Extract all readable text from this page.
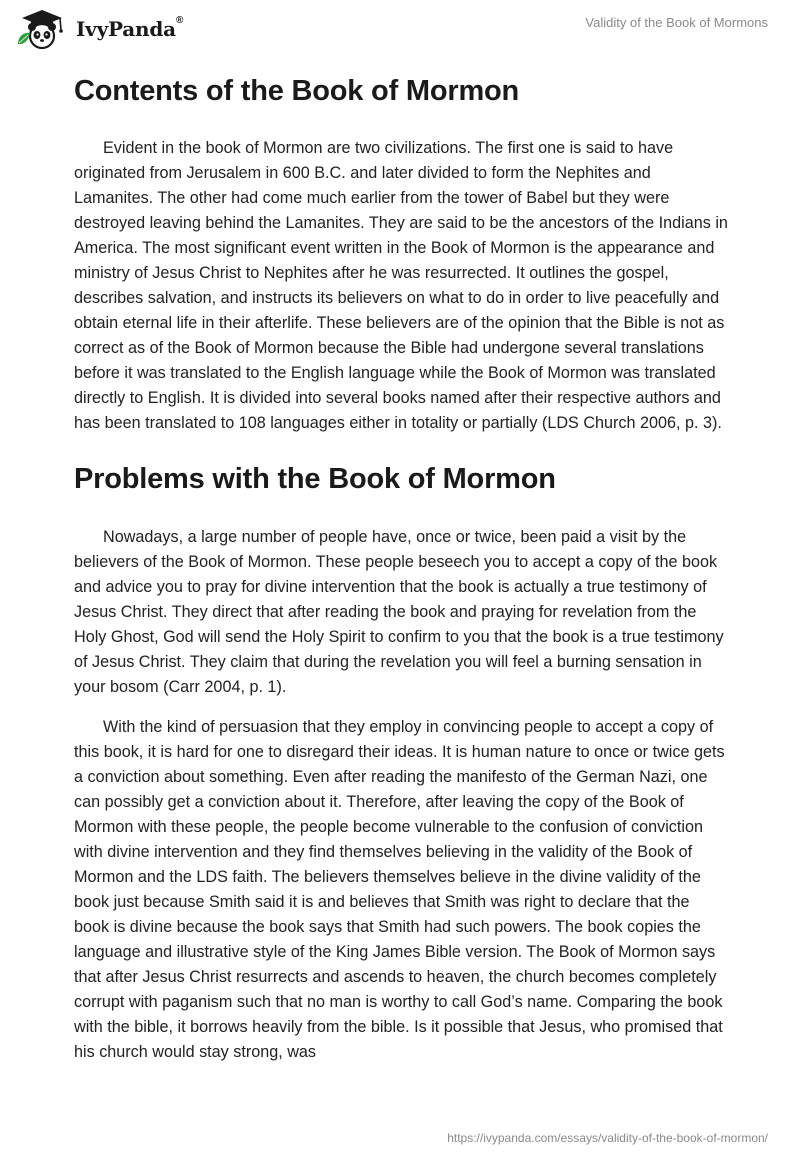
IvyPanda®	Validity of the Book of Mormons
Contents of the Book of Mormon

Evident in the book of Mormon are two civilizations. The first one is said to have originated from Jerusalem in 600 B.C. and later divided to form the Nephites and Lamanites. The other had come much earlier from the tower of Babel but they were destroyed leaving behind the Lamanites. They are said to be the ancestors of the Indians in America. The most significant event written in the Book of Mormon is the appearance and ministry of Jesus Christ to Nephites after he was resurrected. It outlines the gospel, describes salvation, and instructs its believers on what to do in order to live peacefully and obtain eternal life in their afterlife. These believers are of the opinion that the Bible is not as correct as of the Book of Mormon because the Bible had undergone several translations before it was translated to the English language while the Book of Mormon was translated directly to English. It is divided into several books named after their respective authors and has been translated to 108 languages either in totality or partially (LDS Church 2006, p. 3).

Problems with the Book of Mormon

Nowadays, a large number of people have, once or twice, been paid a visit by the believers of the Book of Mormon. These people beseech you to accept a copy of the book and advice you to pray for divine intervention that the book is actually a true testimony of Jesus Christ. They direct that after reading the book and praying for revelation from the Holy Ghost, God will send the Holy Spirit to confirm to you that the book is a true testimony of Jesus Christ. They claim that during the revelation you will feel a burning sensation in your bosom (Carr 2004, p. 1).

With the kind of persuasion that they employ in convincing people to accept a copy of this book, it is hard for one to disregard their ideas. It is human nature to once or twice gets a conviction about something. Even after reading the manifesto of the German Nazi, one can possibly get a conviction about it. Therefore, after leaving the copy of the Book of Mormon with these people, the people become vulnerable to the confusion of conviction with divine intervention and they find themselves believing in the validity of the Book of Mormon and the LDS faith. The believers themselves believe in the divine validity of the book just because Smith said it is and believes that Smith was right to declare that the book is divine because the book says that Smith had such powers. The book copies the language and illustrative style of the King James Bible version. The Book of Mormon says that after Jesus Christ resurrects and ascends to heaven, the church becomes completely corrupt with paganism such that no man is worthy to call God’s name. Comparing the book with the bible, it borrows heavily from the bible. Is it possible that Jesus, who promised that his church would stay strong, was

https://ivypanda.com/essays/validity-of-the-book-of-mormon/
